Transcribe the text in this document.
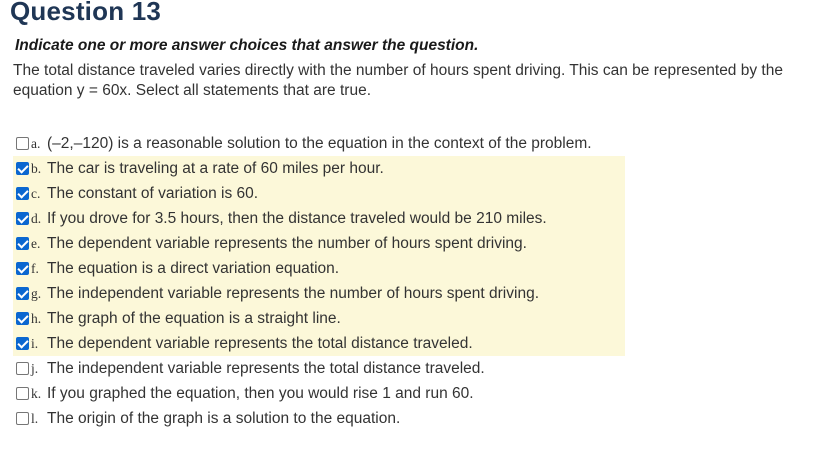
Question 13
Indicate one or more answer choices that answer the question.
The total distance traveled varies directly with the number of hours spent driving. This can be represented by the equation y = 60x. Select all statements that are true.
a. (–2,–120) is a reasonable solution to the equation in the context of the problem.
b. The car is traveling at a rate of 60 miles per hour.
c. The constant of variation is 60.
d. If you drove for 3.5 hours, then the distance traveled would be 210 miles.
e. The dependent variable represents the number of hours spent driving.
f. The equation is a direct variation equation.
g. The independent variable represents the number of hours spent driving.
h. The graph of the equation is a straight line.
i. The dependent variable represents the total distance traveled.
j. The independent variable represents the total distance traveled.
k. If you graphed the equation, then you would rise 1 and run 60.
l. The origin of the graph is a solution to the equation.
